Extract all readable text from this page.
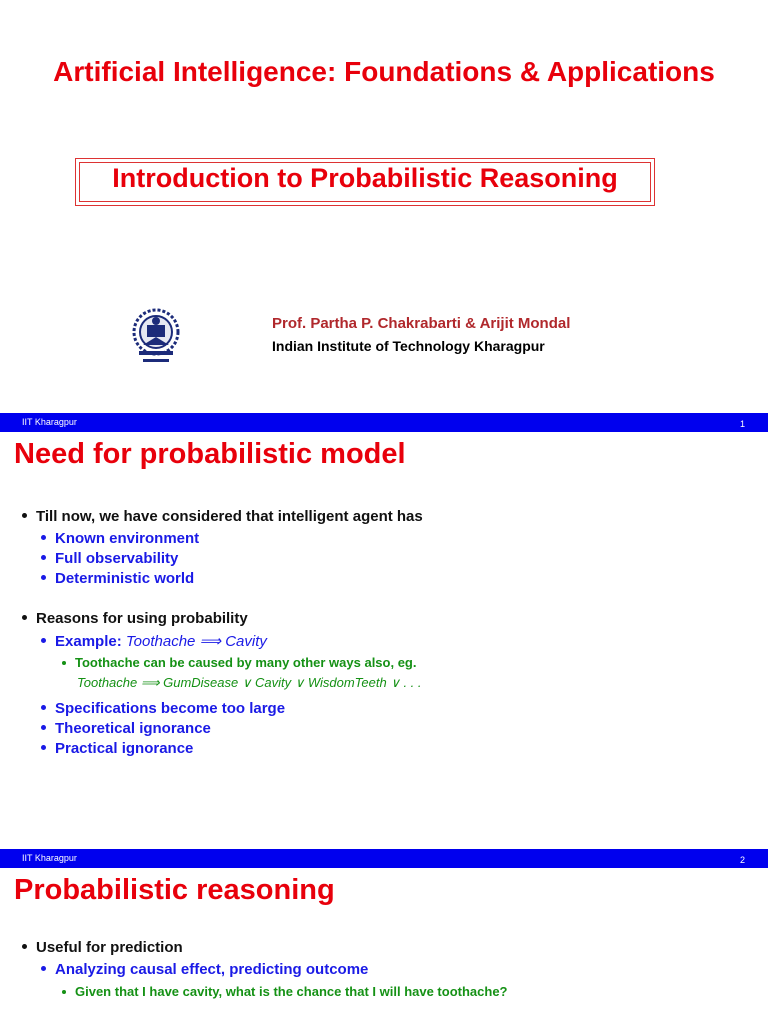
Artificial Intelligence: Foundations & Applications
Introduction to Probabilistic Reasoning
Prof. Partha P. Chakrabarti & Arijit Mondal
Indian Institute of Technology Kharagpur
IIT Kharagpur	1
Need for probabilistic model
Till now, we have considered that intelligent agent has
Known environment
Full observability
Deterministic world
Reasons for using probability
Example: Toothache ⟹ Cavity
Toothache can be caused by many other ways also, eg.
Toothache ⟹ GumDisease ∨ Cavity ∨ WisdomTeeth ∨ . . .
Specifications become too large
Theoretical ignorance
Practical ignorance
IIT Kharagpur	2
Probabilistic reasoning
Useful for prediction
Analyzing causal effect, predicting outcome
Given that I have cavity, what is the chance that I will have toothache?
